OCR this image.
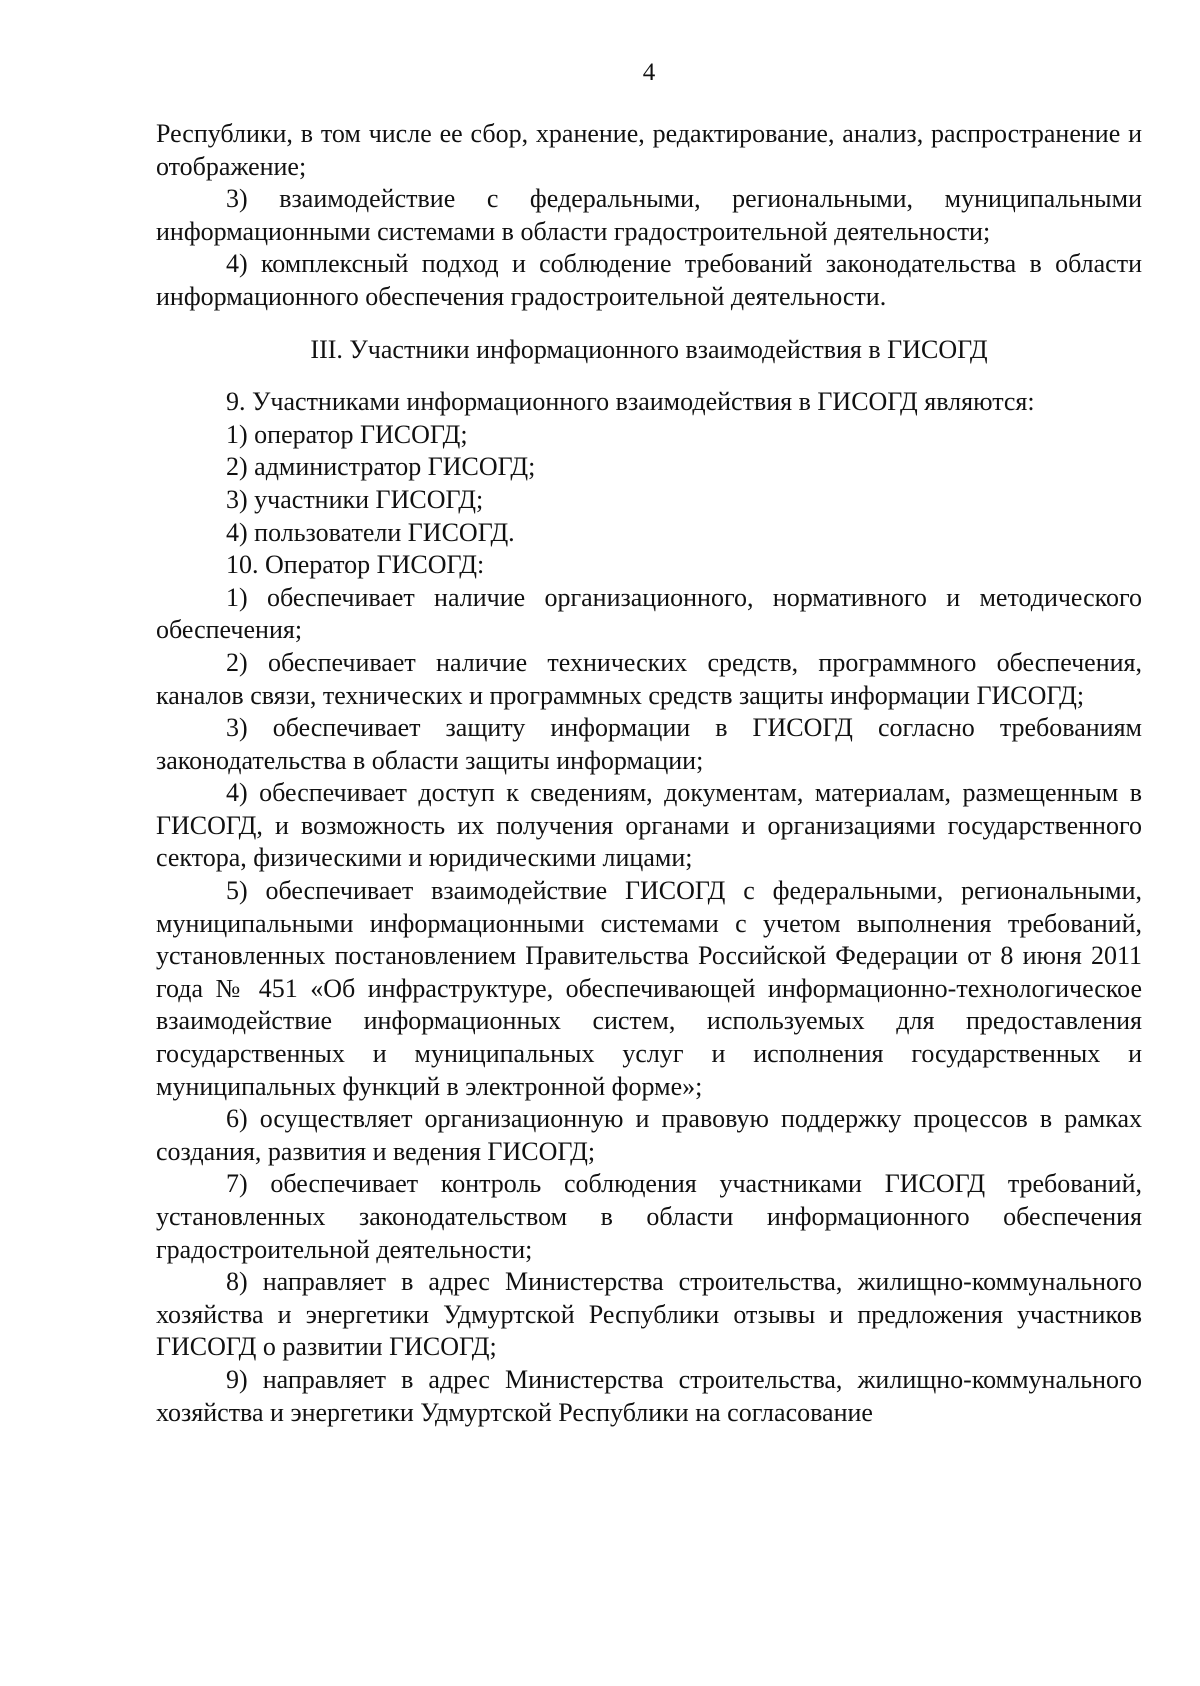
4

Республики, в том числе ее сбор, хранение, редактирование, анализ, распространение и отображение;

3) взаимодействие с федеральными, региональными, муниципальными информационными системами в области градостроительной деятельности;

4) комплексный подход и соблюдение требований законодательства в области информационного обеспечения градостроительной деятельности.

III. Участники информационного взаимодействия в ГИСОГД

9. Участниками информационного взаимодействия в ГИСОГД являются:

1) оператор ГИСОГД;

2) администратор ГИСОГД;

3) участники ГИСОГД;

4) пользователи ГИСОГД.

10. Оператор ГИСОГД:

1) обеспечивает наличие организационного, нормативного и методического обеспечения;

2) обеспечивает наличие технических средств, программного обеспечения, каналов связи, технических и программных средств защиты информации ГИСОГД;

3) обеспечивает защиту информации в ГИСОГД согласно требованиям законодательства в области защиты информации;

4) обеспечивает доступ к сведениям, документам, материалам, размещенным в ГИСОГД, и возможность их получения органами и организациями государственного сектора, физическими и юридическими лицами;

5) обеспечивает взаимодействие ГИСОГД с федеральными, региональными, муниципальными информационными системами с учетом выполнения требований, установленных постановлением Правительства Российской Федерации от 8 июня 2011 года № 451 «Об инфраструктуре, обеспечивающей информационно-технологическое взаимодействие информационных систем, используемых для предоставления государственных и муниципальных услуг и исполнения государственных и муниципальных функций в электронной форме»;

6) осуществляет организационную и правовую поддержку процессов в рамках создания, развития и ведения ГИСОГД;

7) обеспечивает контроль соблюдения участниками ГИСОГД требований, установленных законодательством в области информационного обеспечения градостроительной деятельности;

8) направляет в адрес Министерства строительства, жилищно-коммунального хозяйства и энергетики Удмуртской Республики отзывы и предложения участников ГИСОГД о развитии ГИСОГД;

9) направляет в адрес Министерства строительства, жилищно-коммунального хозяйства и энергетики Удмуртской Республики на согласование
